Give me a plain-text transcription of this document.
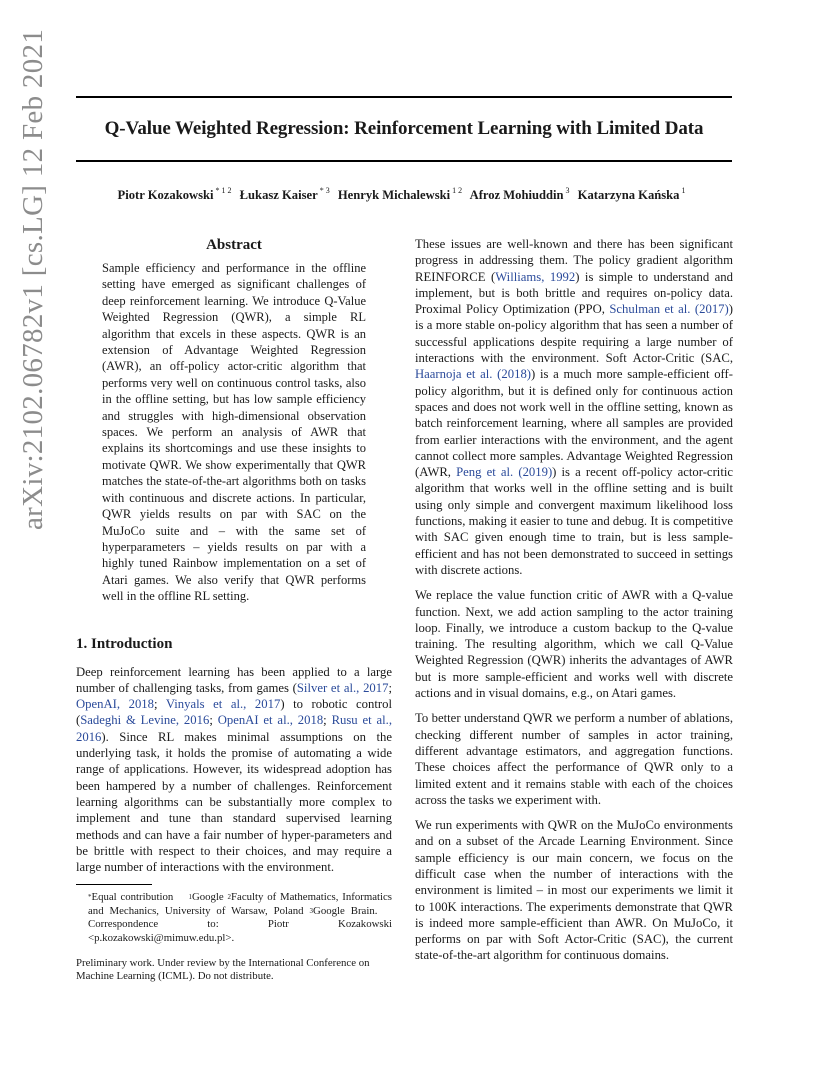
Q-Value Weighted Regression: Reinforcement Learning with Limited Data
Piotr Kozakowski $^{* 1 2}$ Łukasz Kaiser $^{* 3}$ Henryk Michalewski $^{1 2}$ Afroz Mohiuddin $^3$ Katarzyna Kańska $^1$
arXiv:2102.06782v1 [cs.LG] 12 Feb 2021	Abstract
Sample efficiency and performance in the offline setting have emerged as significant challenges of deep reinforcement learning. We introduce Q-Value Weighted Regression (QWR), a simple RL algorithm that excels in these aspects. QWR is an extension of Advantage Weighted Regression (AWR), an off-policy actor-critic algorithm that performs very well on continuous control tasks, also in the offline setting, but has low sample efficiency and struggles with high-dimensional observation spaces. We perform an analysis of AWR that explains its shortcomings and use these insights to motivate QWR. We show experimentally that QWR matches the state-of-the-art algorithms both on tasks with continuous and discrete actions. In particular, QWR yields results on par with SAC on the MuJoCo suite and – with the same set of hyperparameters – yields results on par with a highly tuned Rainbow implementation on a set of Atari games. We also verify that QWR performs well in the offline RL setting.
1. Introduction

Deep reinforcement learning has been applied to a large number of challenging tasks, from games (Silver et al., 2017; OpenAI, 2018; Vinyals et al., 2017) to robotic control (Sadeghi & Levine, 2016; OpenAI et al., 2018; Rusu et al., 2016). Since RL makes minimal assumptions on the underlying task, it holds the promise of automating a wide range of applications. However, its widespread adoption has been hampered by a number of challenges. Reinforcement learning algorithms can be substantially more complex to implement and tune than standard supervised learning methods and can have a fair number of hyper-parameters and be brittle with respect to their choices, and may require a large number of interactions with the environment.

*Equal contribution $^1$Google $^2$Faculty of Mathematics, Informatics and Mechanics, University of Warsaw, Poland $^3$Google Brain.    Correspondence to: Piotr Kozakowski <p.kozakowski@mimuw.edu.pl>.
Preliminary work. Under review by the International Conference on Machine Learning (ICML). Do not distribute.

These issues are well-known and there has been significant progress in addressing them. The policy gradient algorithm REINFORCE (Williams, 1992) is simple to understand and implement, but is both brittle and requires on-policy data. Proximal Policy Optimization (PPO, Schulman et al. (2017)) is a more stable on-policy algorithm that has seen a number of successful applications despite requiring a large number of interactions with the environment. Soft Actor-Critic (SAC, Haarnoja et al. (2018)) is a much more sample-efficient off-policy algorithm, but it is defined only for continuous action spaces and does not work well in the offline setting, known as batch reinforcement learning, where all samples are provided from earlier interactions with the environment, and the agent cannot collect more samples. Advantage Weighted Regression (AWR, Peng et al. (2019)) is a recent off-policy actor-critic algorithm that works well in the offline setting and is built using only simple and convergent maximum likelihood loss functions, making it easier to tune and debug. It is competitive with SAC given enough time to train, but is less sample-efficient and has not been demonstrated to succeed in settings with discrete actions.

We replace the value function critic of AWR with a Q-value function. Next, we add action sampling to the actor training loop. Finally, we introduce a custom backup to the Q-value training. The resulting algorithm, which we call Q-Value Weighted Regression (QWR) inherits the advantages of AWR but is more sample-efficient and works well with discrete actions and in visual domains, e.g., on Atari games.

To better understand QWR we perform a number of ablations, checking different number of samples in actor training, different advantage estimators, and aggregation functions. These choices affect the performance of QWR only to a limited extent and it remains stable with each of the choices across the tasks we experiment with.

We run experiments with QWR on the MuJoCo environments and on a subset of the Arcade Learning Environment. Since sample efficiency is our main concern, we focus on the difficult case when the number of interactions with the environment is limited – in most our experiments we limit it to 100K interactions. The experiments demonstrate that QWR is indeed more sample-efficient than AWR. On MuJoCo, it performs on par with Soft Actor-Critic (SAC), the current state-of-the-art algorithm for continuous domains.
